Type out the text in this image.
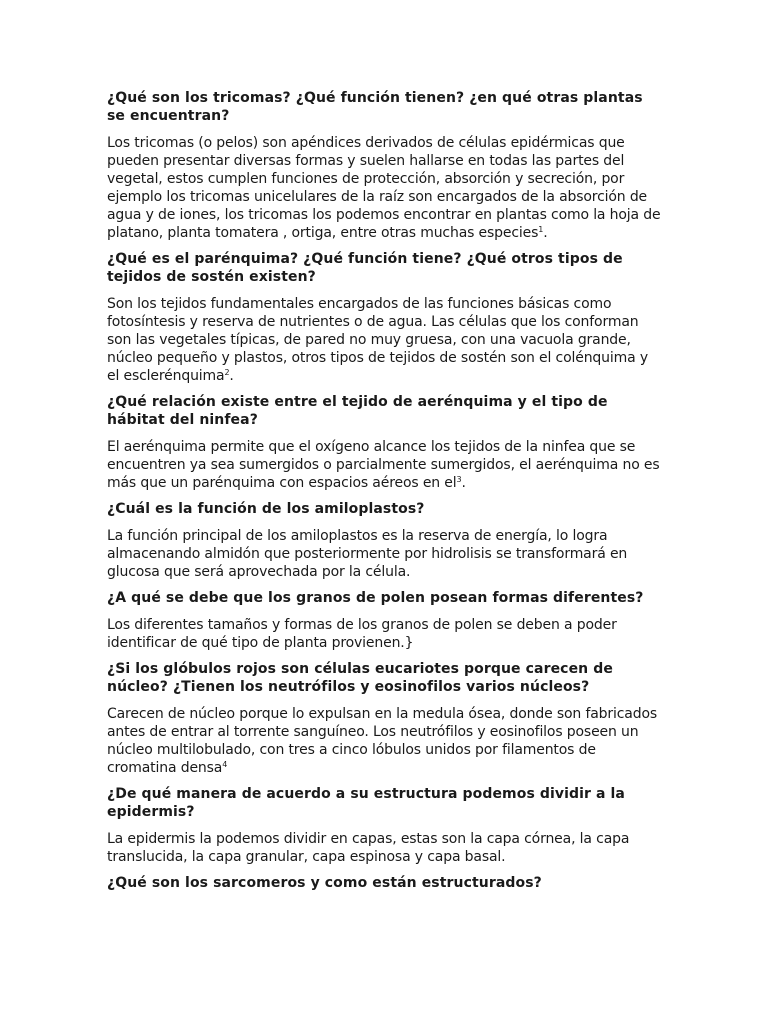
¿Qué son los tricomas? ¿Qué función tienen? ¿en qué otras plantas se encuentran?
Los tricomas (o pelos) son apéndices derivados de células epidérmicas que pueden presentar diversas formas y suelen hallarse en todas las partes del vegetal, estos cumplen funciones de protección, absorción y secreción, por ejemplo los tricomas unicelulares de la raíz son encargados de la absorción de agua y de iones, los tricomas los podemos encontrar en plantas como la hoja de platano, planta tomatera , ortiga, entre otras muchas especies$^1$.
¿Qué es el parénquima? ¿Qué función tiene? ¿Qué otros tipos de tejidos de sostén existen?
Son los tejidos fundamentales encargados de las funciones básicas como fotosíntesis y reserva de nutrientes o de agua. Las células que los conforman son las vegetales típicas, de pared no muy gruesa, con una vacuola grande, núcleo pequeño y plastos, otros tipos de tejidos de sostén son el colénquima y el esclerénquima$^2$.
¿Qué relación existe entre el tejido de aerénquima y el tipo de hábitat del ninfea?
El aerénquima permite que el oxígeno alcance los tejidos de la ninfea que se encuentren ya sea sumergidos o parcialmente sumergidos, el aerénquima no es más que un parénquima con espacios aéreos en $el^3$.
¿Cuál es la función de los amiloplastos?
La función principal de los amiloplastos es la reserva de energía, lo logra almacenando almidón que posteriormente por hidrolisis se transformará en glucosa que será aprovechada por la célula.
¿A qué se debe que los granos de polen posean formas diferentes?
Los diferentes tamaños y formas de los granos de polen se deben a poder identificar de qué tipo de planta provienen.}
¿Si los glóbulos rojos son células eucariotes porque carecen de núcleo? ¿Tienen los neutrófilos y eosinofilos varios núcleos?
Carecen de núcleo porque lo expulsan en la medula ósea, donde son fabricados antes de entrar al torrente sanguíneo. Los neutrófilos y eosinofilos poseen un núcleo multilobulado, con tres a cinco lóbulos unidos por filamentos de cromatina densa$^4$
¿De qué manera de acuerdo a su estructura podemos dividir a la epidermis?
La epidermis la podemos dividir en capas, estas son la capa córnea, la capa translucida, la capa granular, capa espinosa y capa basal.
¿Qué son los sarcomeros y como están estructurados?
